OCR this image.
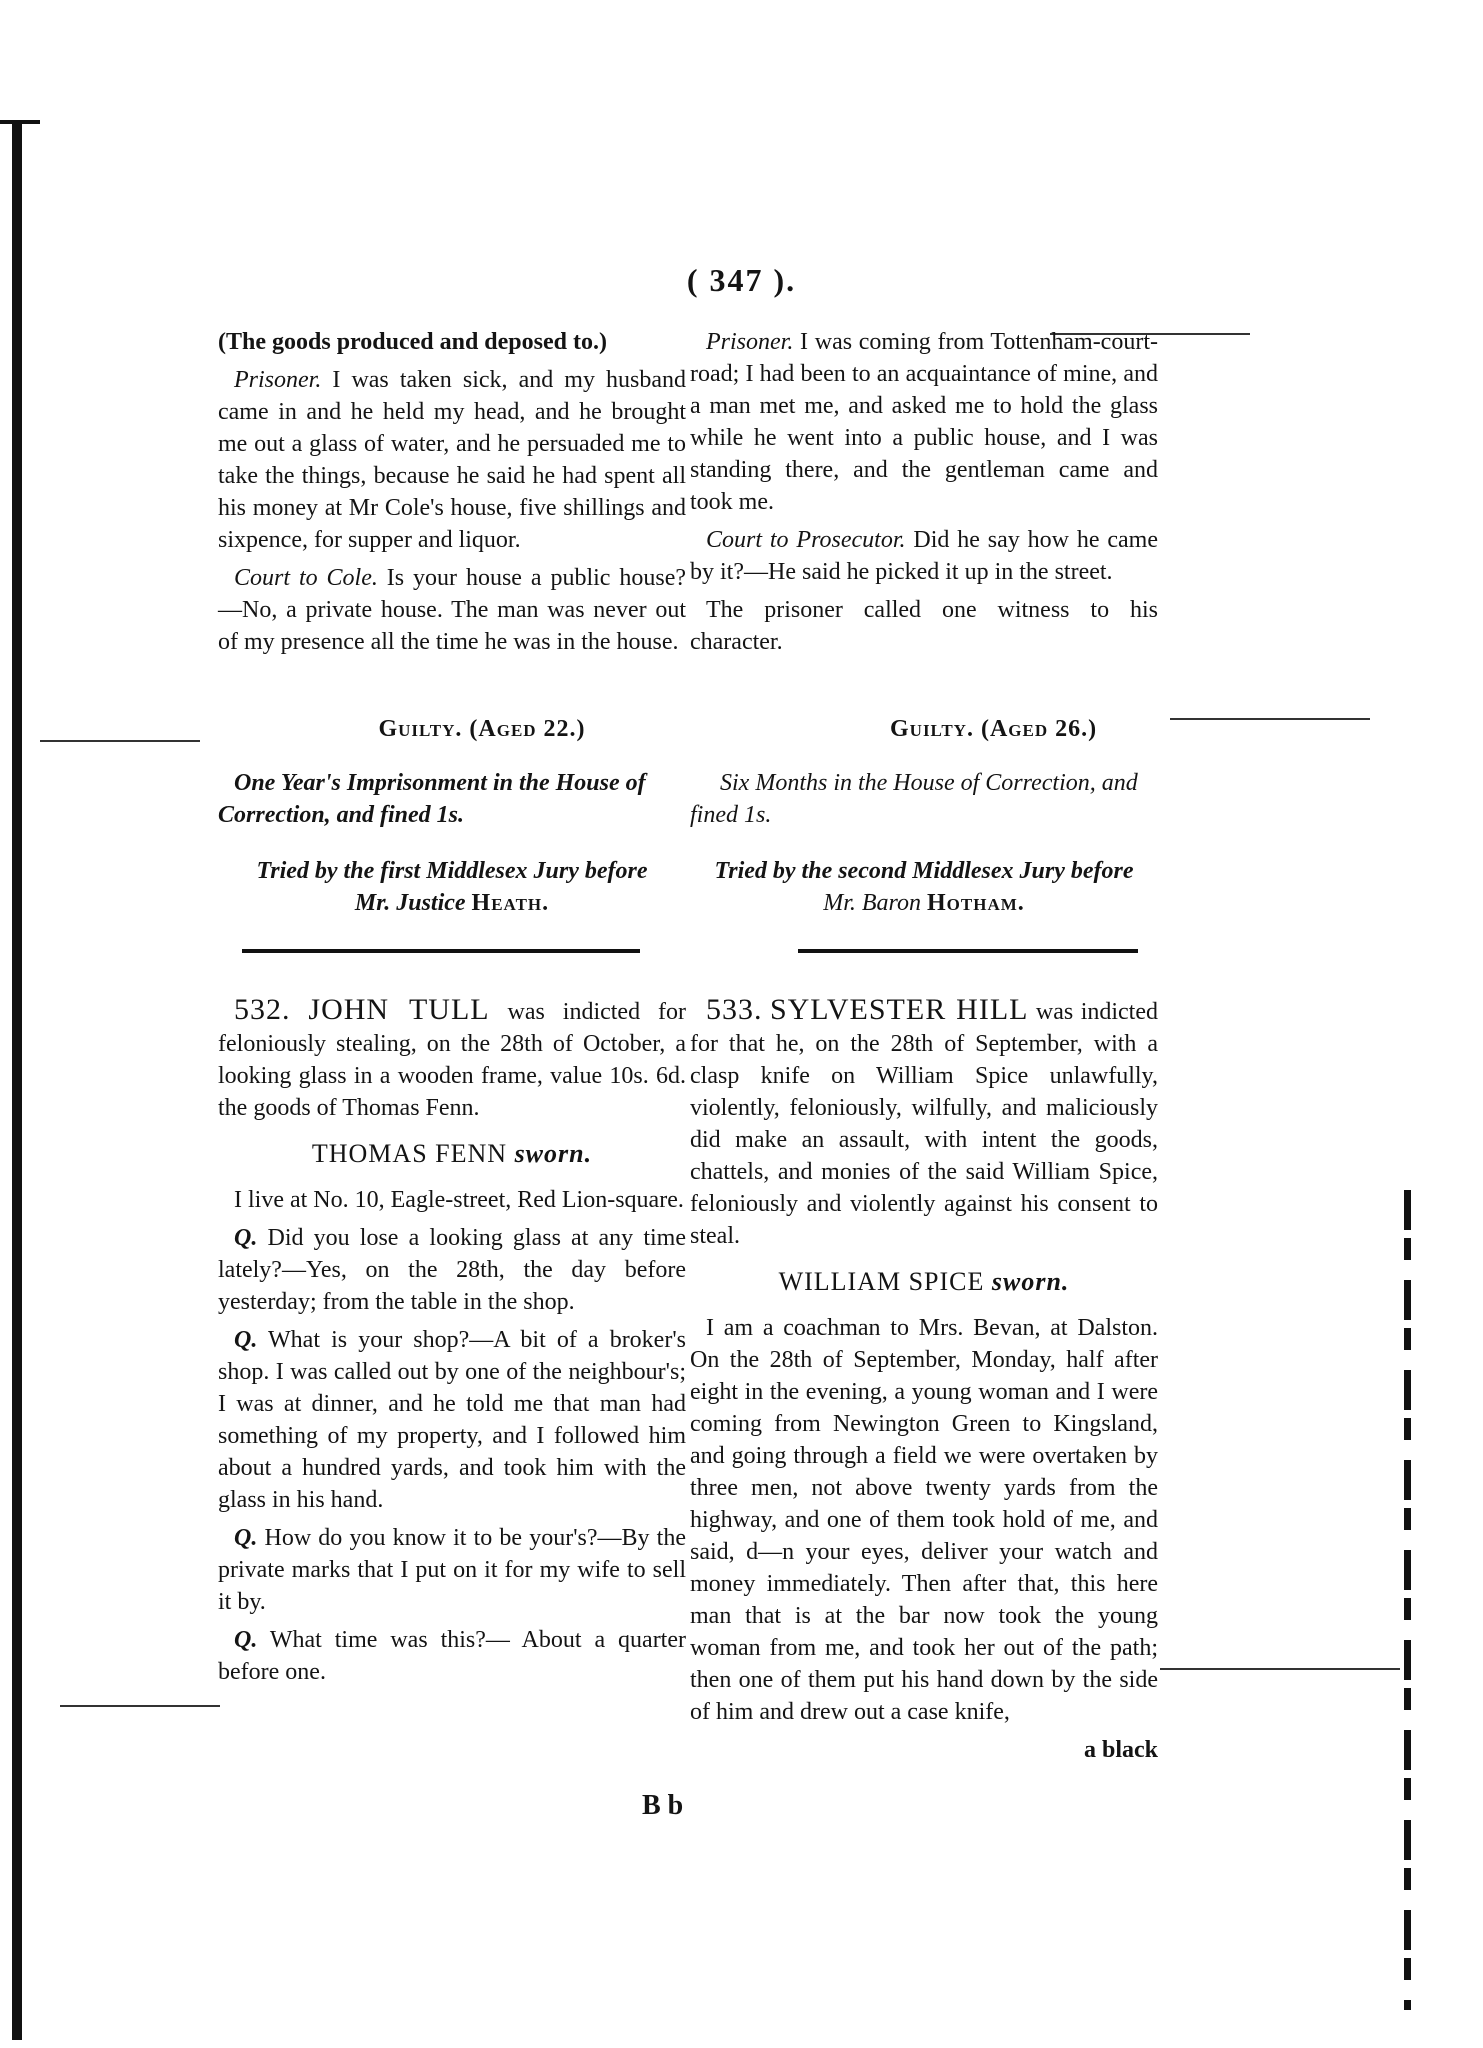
( 347 ).

(The goods produced and deposed to.)

Prisoner. I was taken sick, and my husband came in and he held my head, and he brought me out a glass of water, and he persuaded me to take the things, because he said he had spent all his money at Mr Cole's house, five shillings and sixpence, for supper and liquor.

Court to Cole. Is your house a public house?—No, a private house. The man was never out of my presence all the time he was in the house.

Prisoner. I was coming from Tottenham-court-road; I had been to an acquaintance of mine, and a man met me, and asked me to hold the glass while he went into a public house, and I was standing there, and the gentleman came and took me.

Court to Prosecutor. Did he say how he came by it?—He said he picked it up in the street.

The prisoner called one witness to his character.

Guilty. (Aged 22.)
One Year's Imprisonment in the House of Correction, and fined 1s.
Tried by the first Middlesex Jury before
Mr. Justice Heath.
Guilty. (Aged 26.)
Six Months in the House of Correction, and fined 1s.
Tried by the second Middlesex Jury before
Mr. Baron Hotham.

532. JOHN TULL was indicted for feloniously stealing, on the 28th of October, a looking glass in a wooden frame, value 10s. 6d. the goods of Thomas Fenn.

THOMAS FENN sworn.

I live at No. 10, Eagle-street, Red Lion-square.

Q. Did you lose a looking glass at any time lately?—Yes, on the 28th, the day before yesterday; from the table in the shop.

Q. What is your shop?—A bit of a broker's shop. I was called out by one of the neighbour's; I was at dinner, and he told me that man had something of my property, and I followed him about a hundred yards, and took him with the glass in his hand.

Q. How do you know it to be your's?—By the private marks that I put on it for my wife to sell it by.

Q. What time was this?— About a quarter before one.

533. SYLVESTER HILL was indicted for that he, on the 28th of September, with a clasp knife on William Spice unlawfully, violently, feloniously, wilfully, and maliciously did make an assault, with intent the goods, chattels, and monies of the said William Spice, feloniously and violently against his consent to steal.

WILLIAM SPICE sworn.

I am a coachman to Mrs. Bevan, at Dalston. On the 28th of September, Monday, half after eight in the evening, a young woman and I were coming from Newington Green to Kingsland, and going through a field we were overtaken by three men, not above twenty yards from the highway, and one of them took hold of me, and said, d—n your eyes, deliver your watch and money immediately. Then after that, this here man that is at the bar now took the young woman from me, and took her out of the path; then one of them put his hand down by the side of him and drew out a case knife,

a black

B b
